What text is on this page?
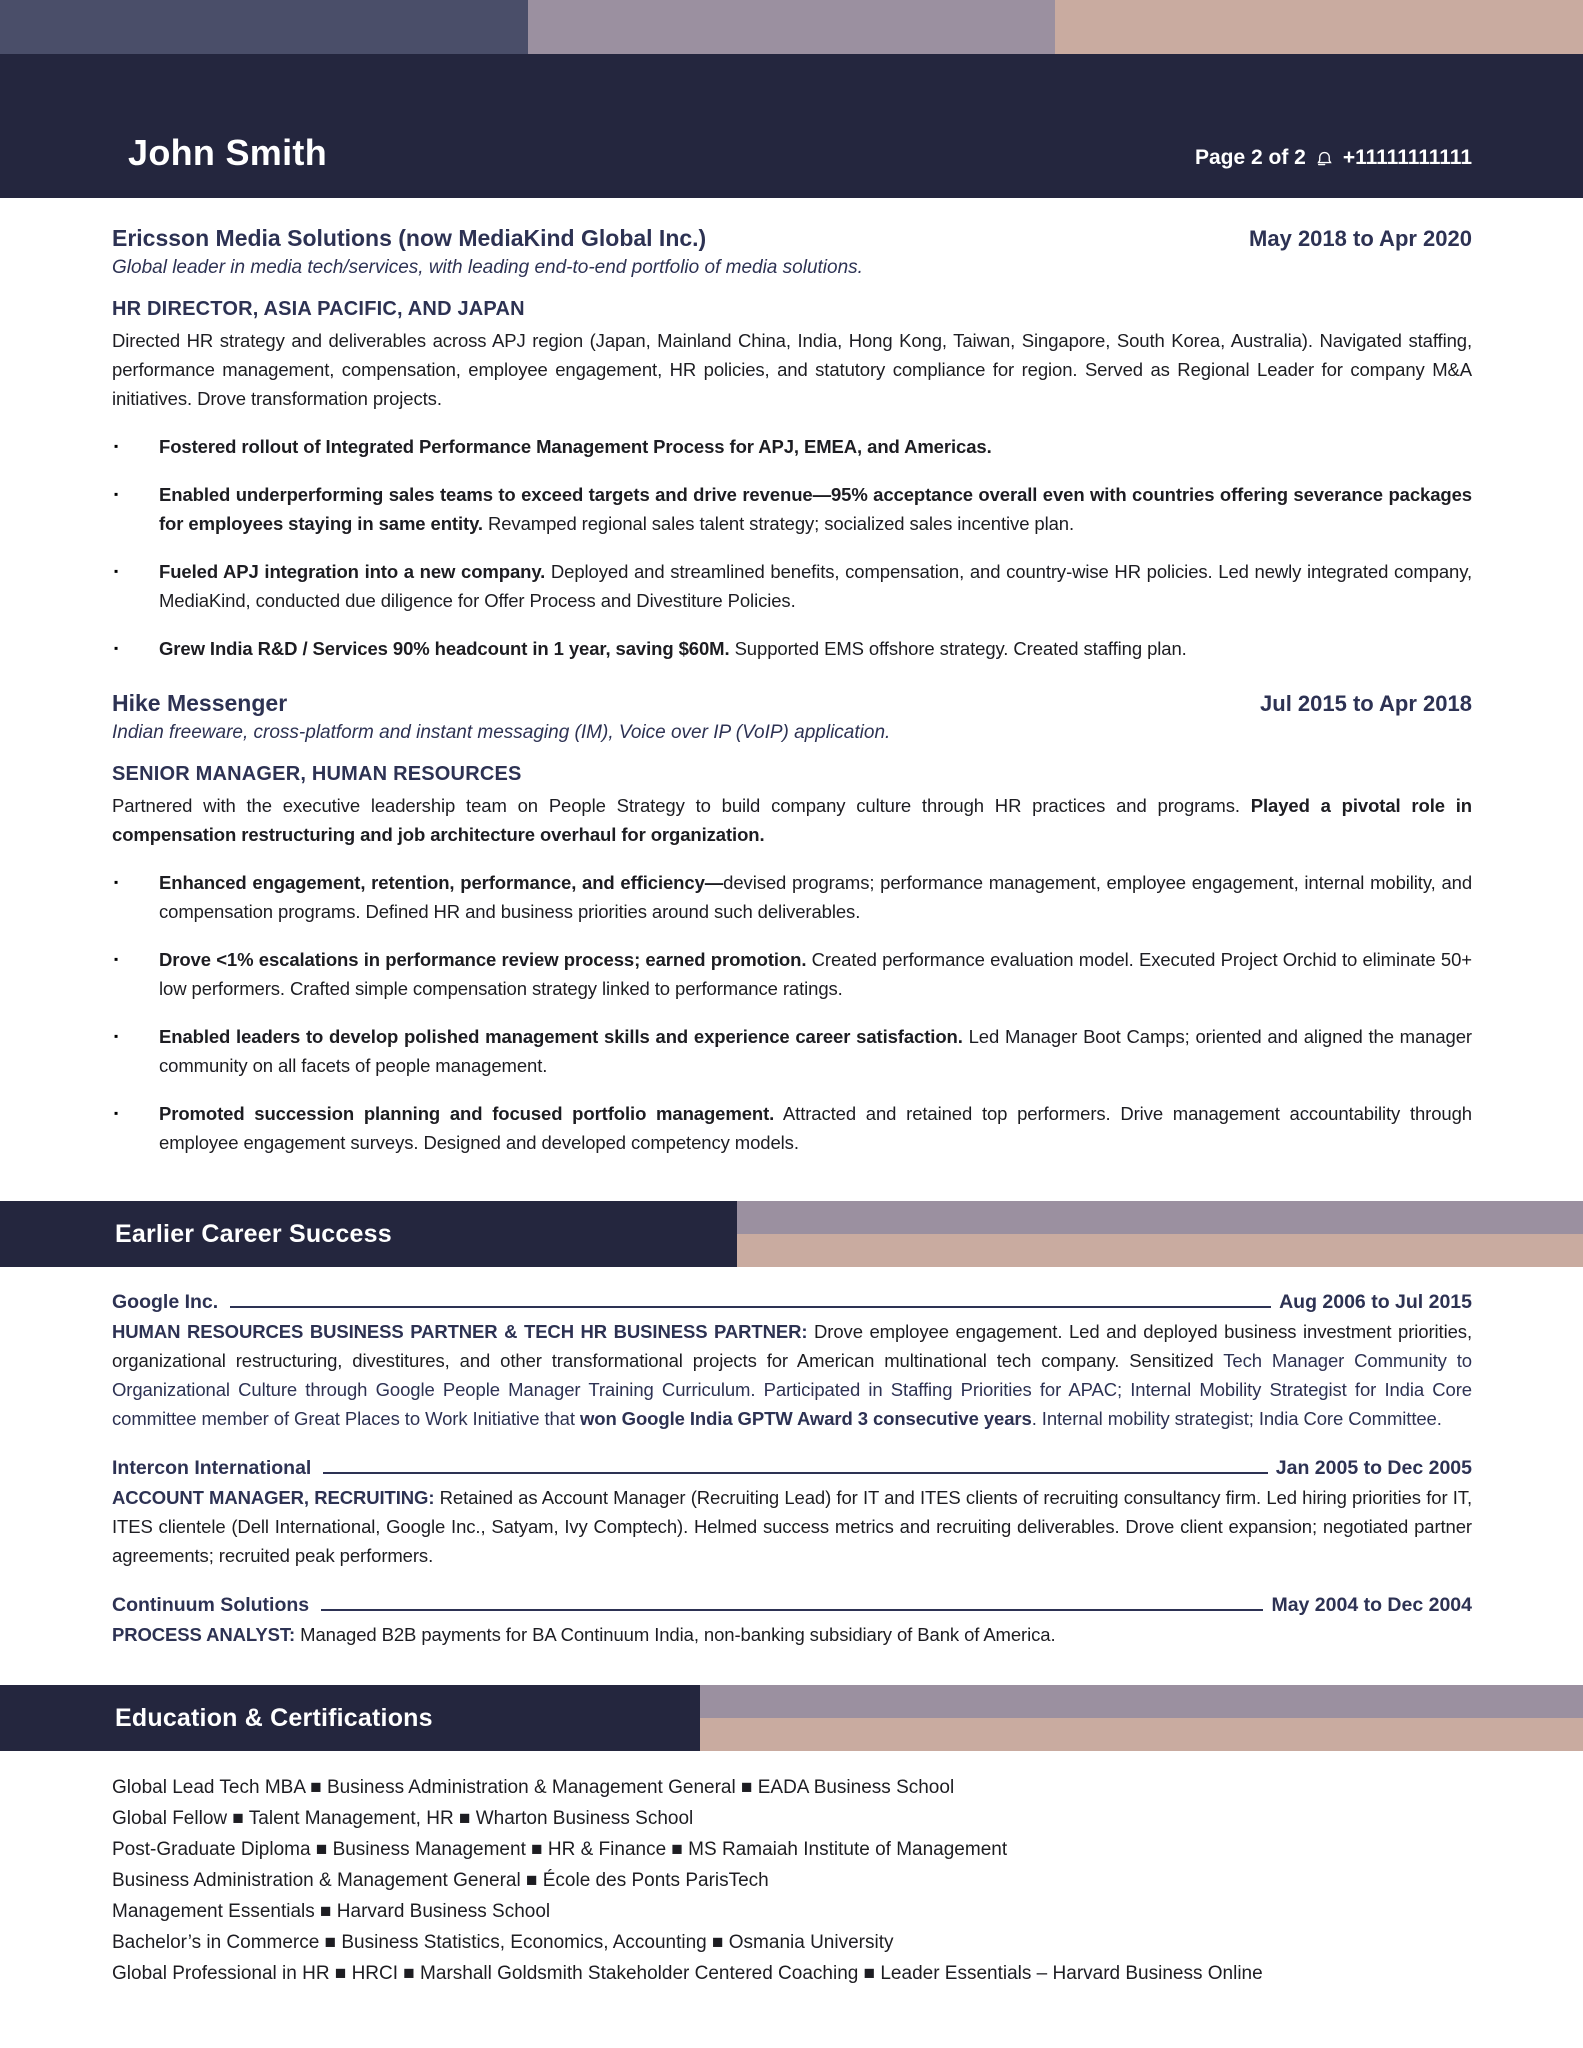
John Smith	Page 2 of 2 +11111111111
Ericsson Media Solutions (now MediaKind Global Inc.)	May 2018 to Apr 2020
Global leader in media tech/services, with leading end-to-end portfolio of media solutions.
HR DIRECTOR, ASIA PACIFIC, AND JAPAN

Directed HR strategy and deliverables across APJ region (Japan, Mainland China, India, Hong Kong, Taiwan, Singapore, South Korea, Australia). Navigated staffing, performance management, compensation, employee engagement, HR policies, and statutory compliance for region. Served as Regional Leader for company M&A initiatives. Drove transformation projects.

▪	Fostered rollout of Integrated Performance Management Process for APJ, EMEA, and Americas.

▪	Enabled underperforming sales teams to exceed targets and drive revenue—95% acceptance overall even with countries offering severance packages for employees staying in same entity. Revamped regional sales talent strategy; socialized sales incentive plan.

▪	Fueled APJ integration into a new company. Deployed and streamlined benefits, compensation, and country-wise HR policies. Led newly integrated company, MediaKind, conducted due diligence for Offer Process and Divestiture Policies.

▪	Grew India R&D / Services 90% headcount in 1 year, saving $60M. Supported EMS offshore strategy. Created staffing plan.

Hike Messenger	Jul 2015 to Apr 2018
Indian freeware, cross-platform and instant messaging (IM), Voice over IP (VoIP) application.
SENIOR MANAGER, HUMAN RESOURCES

Partnered with the executive leadership team on People Strategy to build company culture through HR practices and programs. Played a pivotal role in compensation restructuring and job architecture overhaul for organization.

▪	Enhanced engagement, retention, performance, and efficiency—devised programs; performance management, employee engagement, internal mobility, and compensation programs. Defined HR and business priorities around such deliverables.

▪	Drove <1% escalations in performance review process; earned promotion. Created performance evaluation model. Executed Project Orchid to eliminate 50+ low performers. Crafted simple compensation strategy linked to performance ratings.

▪	Enabled leaders to develop polished management skills and experience career satisfaction. Led Manager Boot Camps; oriented and aligned the manager community on all facets of people management.

▪	Promoted succession planning and focused portfolio management. Attracted and retained top performers. Drive management accountability through employee engagement surveys. Designed and developed competency models.

Earlier Career Success
Google Inc.	Aug 2006 to Jul 2015

HUMAN RESOURCES BUSINESS PARTNER & TECH HR BUSINESS PARTNER: Drove employee engagement. Led and deployed business investment priorities, organizational restructuring, divestitures, and other transformational projects for American multinational tech company. Sensitized Tech Manager Community to Organizational Culture through Google People Manager Training Curriculum. Participated in Staffing Priorities for APAC; Internal Mobility Strategist for India Core committee member of Great Places to Work Initiative that won Google India GPTW Award 3 consecutive years. Internal mobility strategist; India Core Committee.

Intercon International	Jan 2005 to Dec 2005

ACCOUNT MANAGER, RECRUITING: Retained as Account Manager (Recruiting Lead) for IT and ITES clients of recruiting consultancy firm. Led hiring priorities for IT, ITES clientele (Dell International, Google Inc., Satyam, Ivy Comptech). Helmed success metrics and recruiting deliverables. Drove client expansion; negotiated partner agreements; recruited peak performers.

Continuum Solutions	May 2004 to Dec 2004

PROCESS ANALYST: Managed B2B payments for BA Continuum India, non-banking subsidiary of Bank of America.

Education & Certifications
Global Lead Tech MBA ■ Business Administration & Management General ■ EADA Business School
Global Fellow ■ Talent Management, HR ■ Wharton Business School
Post-Graduate Diploma ■ Business Management ■ HR & Finance ■ MS Ramaiah Institute of Management
Business Administration & Management General ■ École des Ponts ParisTech
Management Essentials ■ Harvard Business School
Bachelor’s in Commerce ■ Business Statistics, Economics, Accounting ■ Osmania University
Global Professional in HR ■ HRCI ■ Marshall Goldsmith Stakeholder Centered Coaching ■ Leader Essentials – Harvard Business Online
